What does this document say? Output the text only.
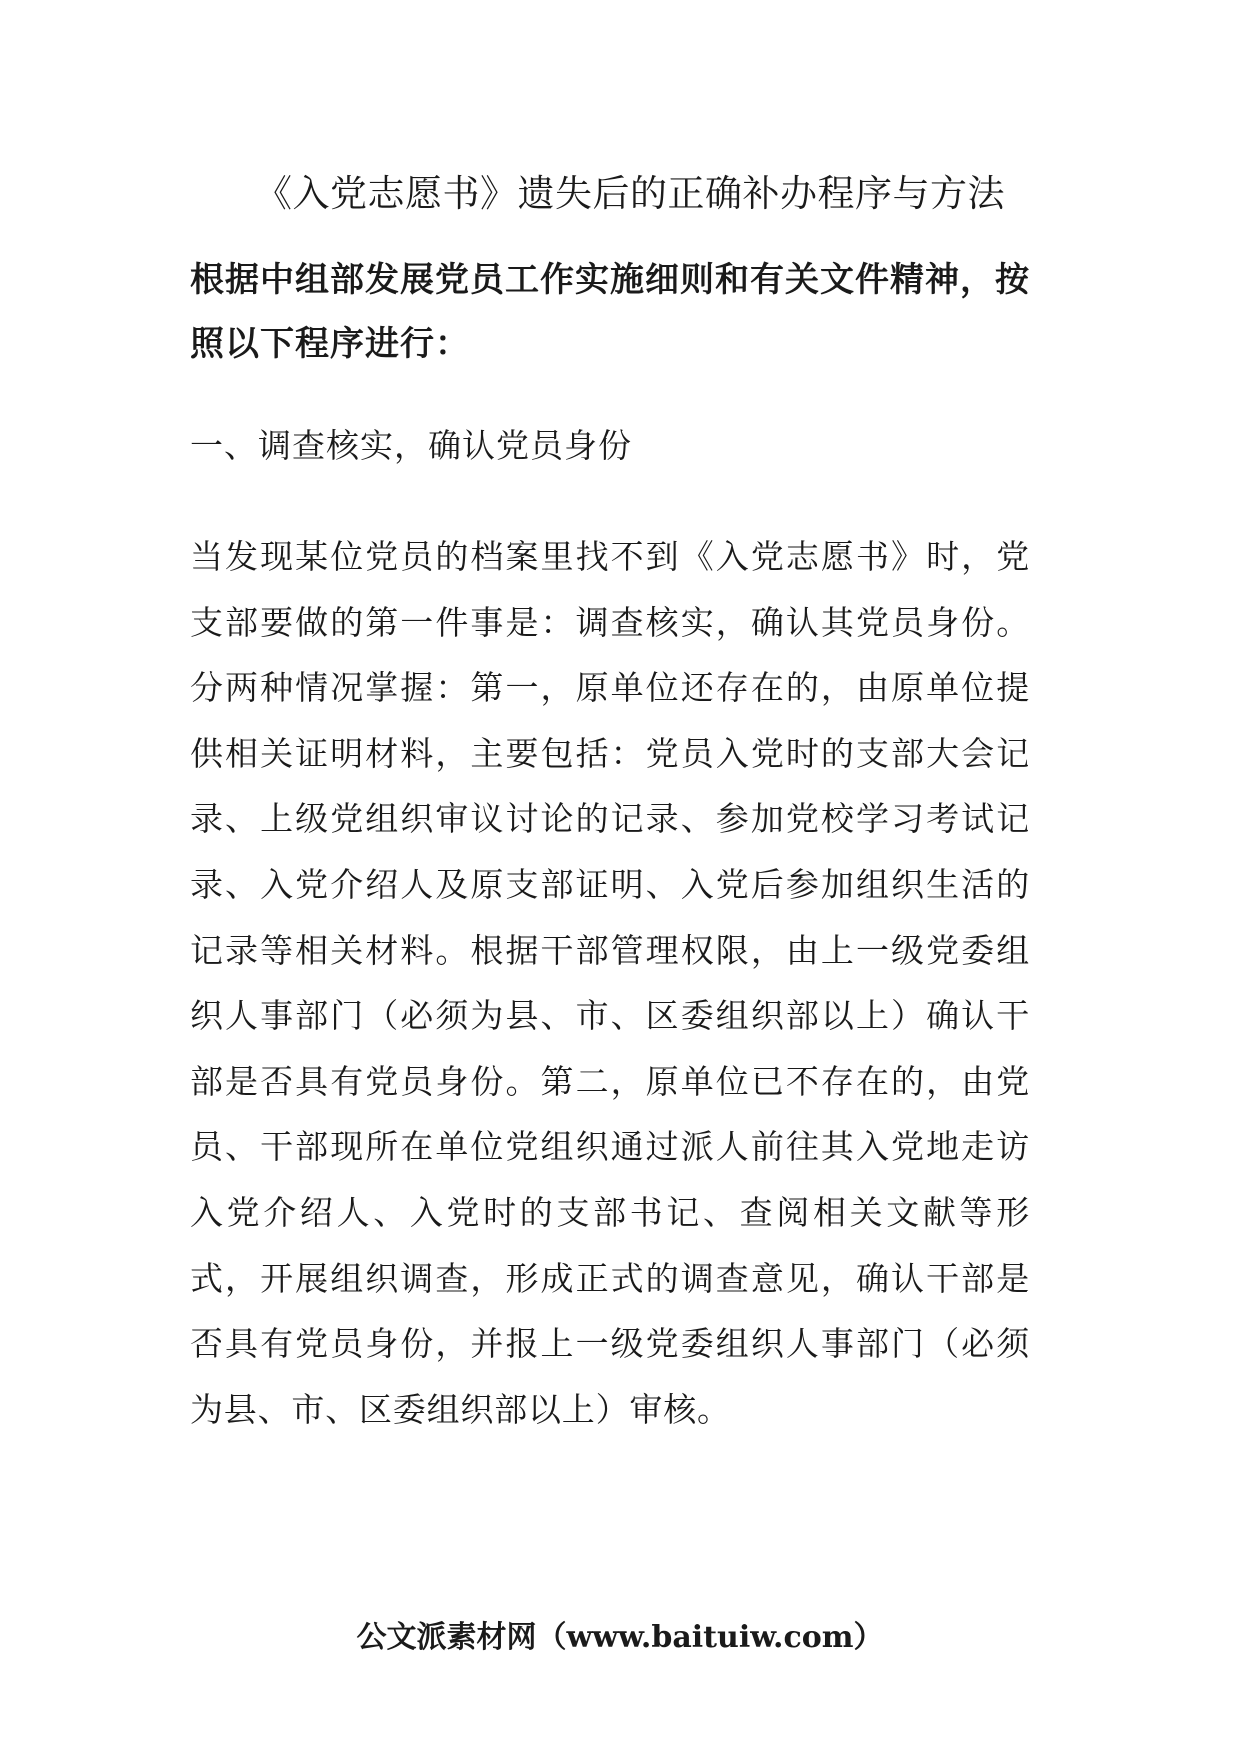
《入党志愿书》遗失后的正确补办程序与方法

根据中组部发展党员工作实施细则和有关文件精神，按照以下程序进行：

一、调查核实，确认党员身份

当发现某位党员的档案里找不到《入党志愿书》时，党支部要做的第一件事是：调查核实，确认其党员身份。分两种情况掌握：第一，原单位还存在的，由原单位提供相关证明材料，主要包括：党员入党时的支部大会记录、上级党组织审议讨论的记录、参加党校学习考试记录、入党介绍人及原支部证明、入党后参加组织生活的记录等相关材料。根据干部管理权限，由上一级党委组织人事部门（必须为县、市、区委组织部以上）确认干部是否具有党员身份。第二，原单位已不存在的，由党员、干部现所在单位党组织通过派人前往其入党地走访入党介绍人、入党时的支部书记、查阅相关文献等形式，开展组织调查，形成正式的调查意见，确认干部是否具有党员身份，并报上一级党委组织人事部门（必须为县、市、区委组织部以上）审核。

公文派素材网（www.baituiw.com）
